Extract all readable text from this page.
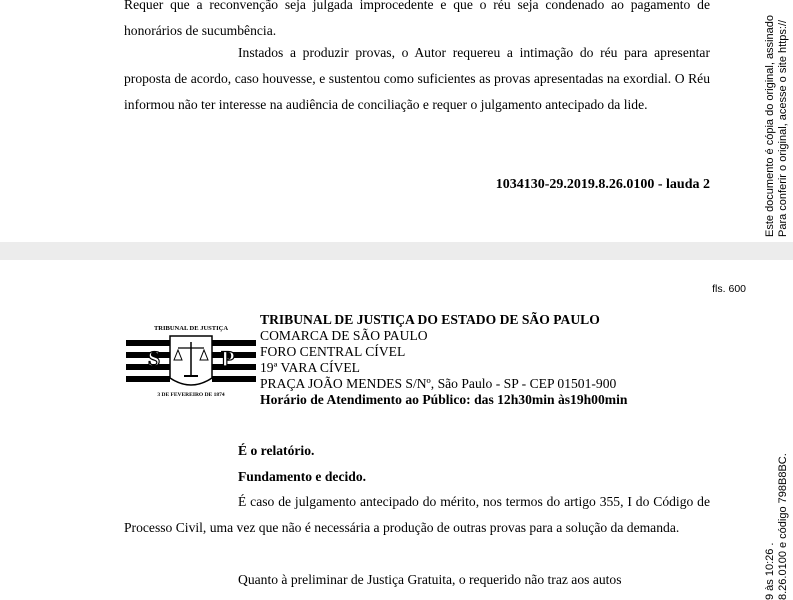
Requer que a reconvenção seja julgada improcedente e que o réu seja condenado ao pagamento de honorários de sucumbência.

Instados a produzir provas, o Autor requereu a intimação do réu para apresentar proposta de acordo, caso houvesse, e sustentou como suficientes as provas apresentadas na exordial. O Réu informou não ter interesse na audiência de conciliação e requer o julgamento antecipado da lide.

1034130-29.2019.8.26.0100 - lauda 2
fls. 600
TRIBUNAL DE JUSTIÇA
S	P
3 DE FEVEREIRO DE 1874
TRIBUNAL DE JUSTIÇA DO ESTADO DE SÃO PAULO
COMARCA DE SÃO PAULO
FORO CENTRAL CÍVEL
19ª VARA CÍVEL
PRAÇA JOÃO MENDES S/Nº, São Paulo - SP - CEP 01501-900
Horário de Atendimento ao Público: das 12h30min às19h00min

É o relatório.

Fundamento e decido.

É caso de julgamento antecipado do mérito, nos termos do artigo 355, I do Código de Processo Civil, uma vez que não é necessária a produção de outras provas para a solução da demanda.

Quanto à preliminar de Justiça Gratuita, o requerido não traz aos autos

Este documento é cópia do original, assinado Para conferir o original, acesse o site https://
9 às 10:26 . 8.26.0100 e código 798B8BC.
